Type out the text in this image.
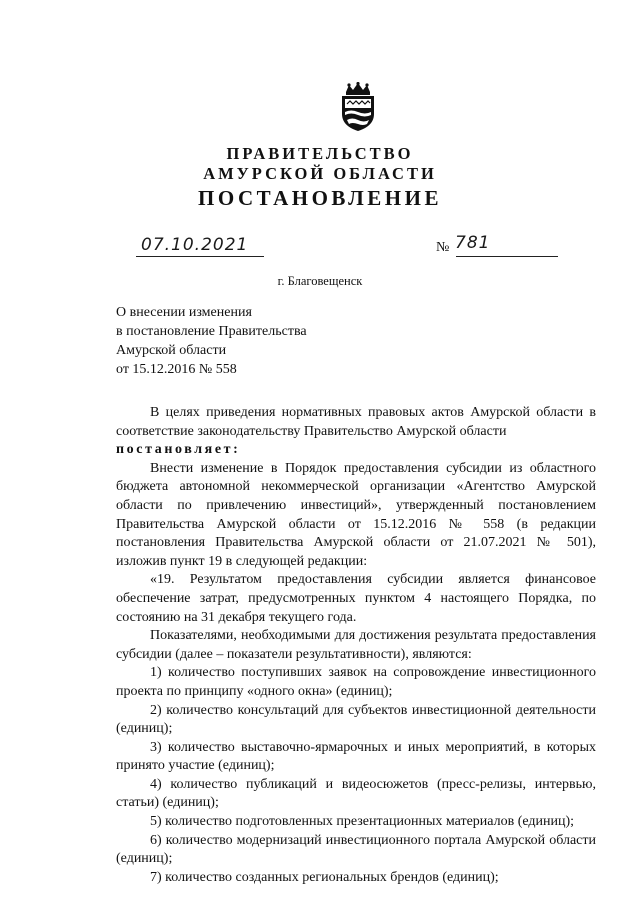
ПРАВИТЕЛЬСТВО
АМУРСКОЙ ОБЛАСТИ
ПОСТАНОВЛЕНИЕ
07.10.2021	№ 781
г. Благовещенск
О внесении изменения
в постановление Правительства
Амурской области
от 15.12.2016 № 558

В целях приведения нормативных правовых актов Амурской области в соответствие законодательству Правительство Амурской области

постановляет:

Внести изменение в Порядок предоставления субсидии из областного бюджета автономной некоммерческой организации «Агентство Амурской области по привлечению инвестиций», утвержденный постановлением Правительства Амурской области от 15.12.2016 № 558 (в редакции постановления Правительства Амурской области от 21.07.2021 № 501), изложив пункт 19 в следующей редакции:

«19. Результатом предоставления субсидии является финансовое обеспечение затрат, предусмотренных пунктом 4 настоящего Порядка, по состоянию на 31 декабря текущего года.

Показателями, необходимыми для достижения результата предоставления субсидии (далее – показатели результативности), являются:

1) количество поступивших заявок на сопровождение инвестиционного проекта по принципу «одного окна» (единиц);

2) количество консультаций для субъектов инвестиционной деятельности (единиц);

3) количество выставочно-ярмарочных и иных мероприятий, в которых принято участие (единиц);

4) количество публикаций и видеосюжетов (пресс-релизы, интервью, статьи) (единиц);

5) количество подготовленных презентационных материалов (единиц);

6) количество модернизаций инвестиционного портала Амурской области (единиц);

7) количество созданных региональных брендов (единиц);
